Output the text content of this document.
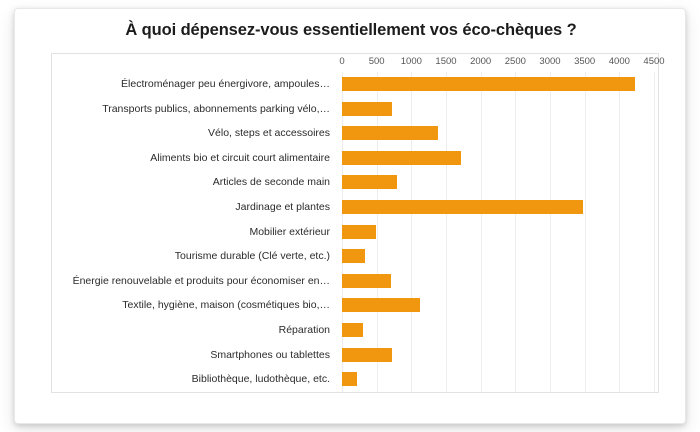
À quoi dépensez-vous essentiellement vos éco-chèques ?
0	500 1000 1500 2000 2500 3000 3500 4000 4500
Électroménager peu énergivore, ampoules…
Transports publics, abonnements parking vélo,…
Vélo, steps et accessoires
Aliments bio et circuit court alimentaire
Articles de seconde main
Jardinage et plantes
Mobilier extérieur
Tourisme durable (Clé verte, etc.)
Énergie renouvelable et produits pour économiser en…
Textile, hygiène, maison (cosmétiques bio,…
Réparation
Smartphones ou tablettes
Bibliothèque, ludothèque, etc.
